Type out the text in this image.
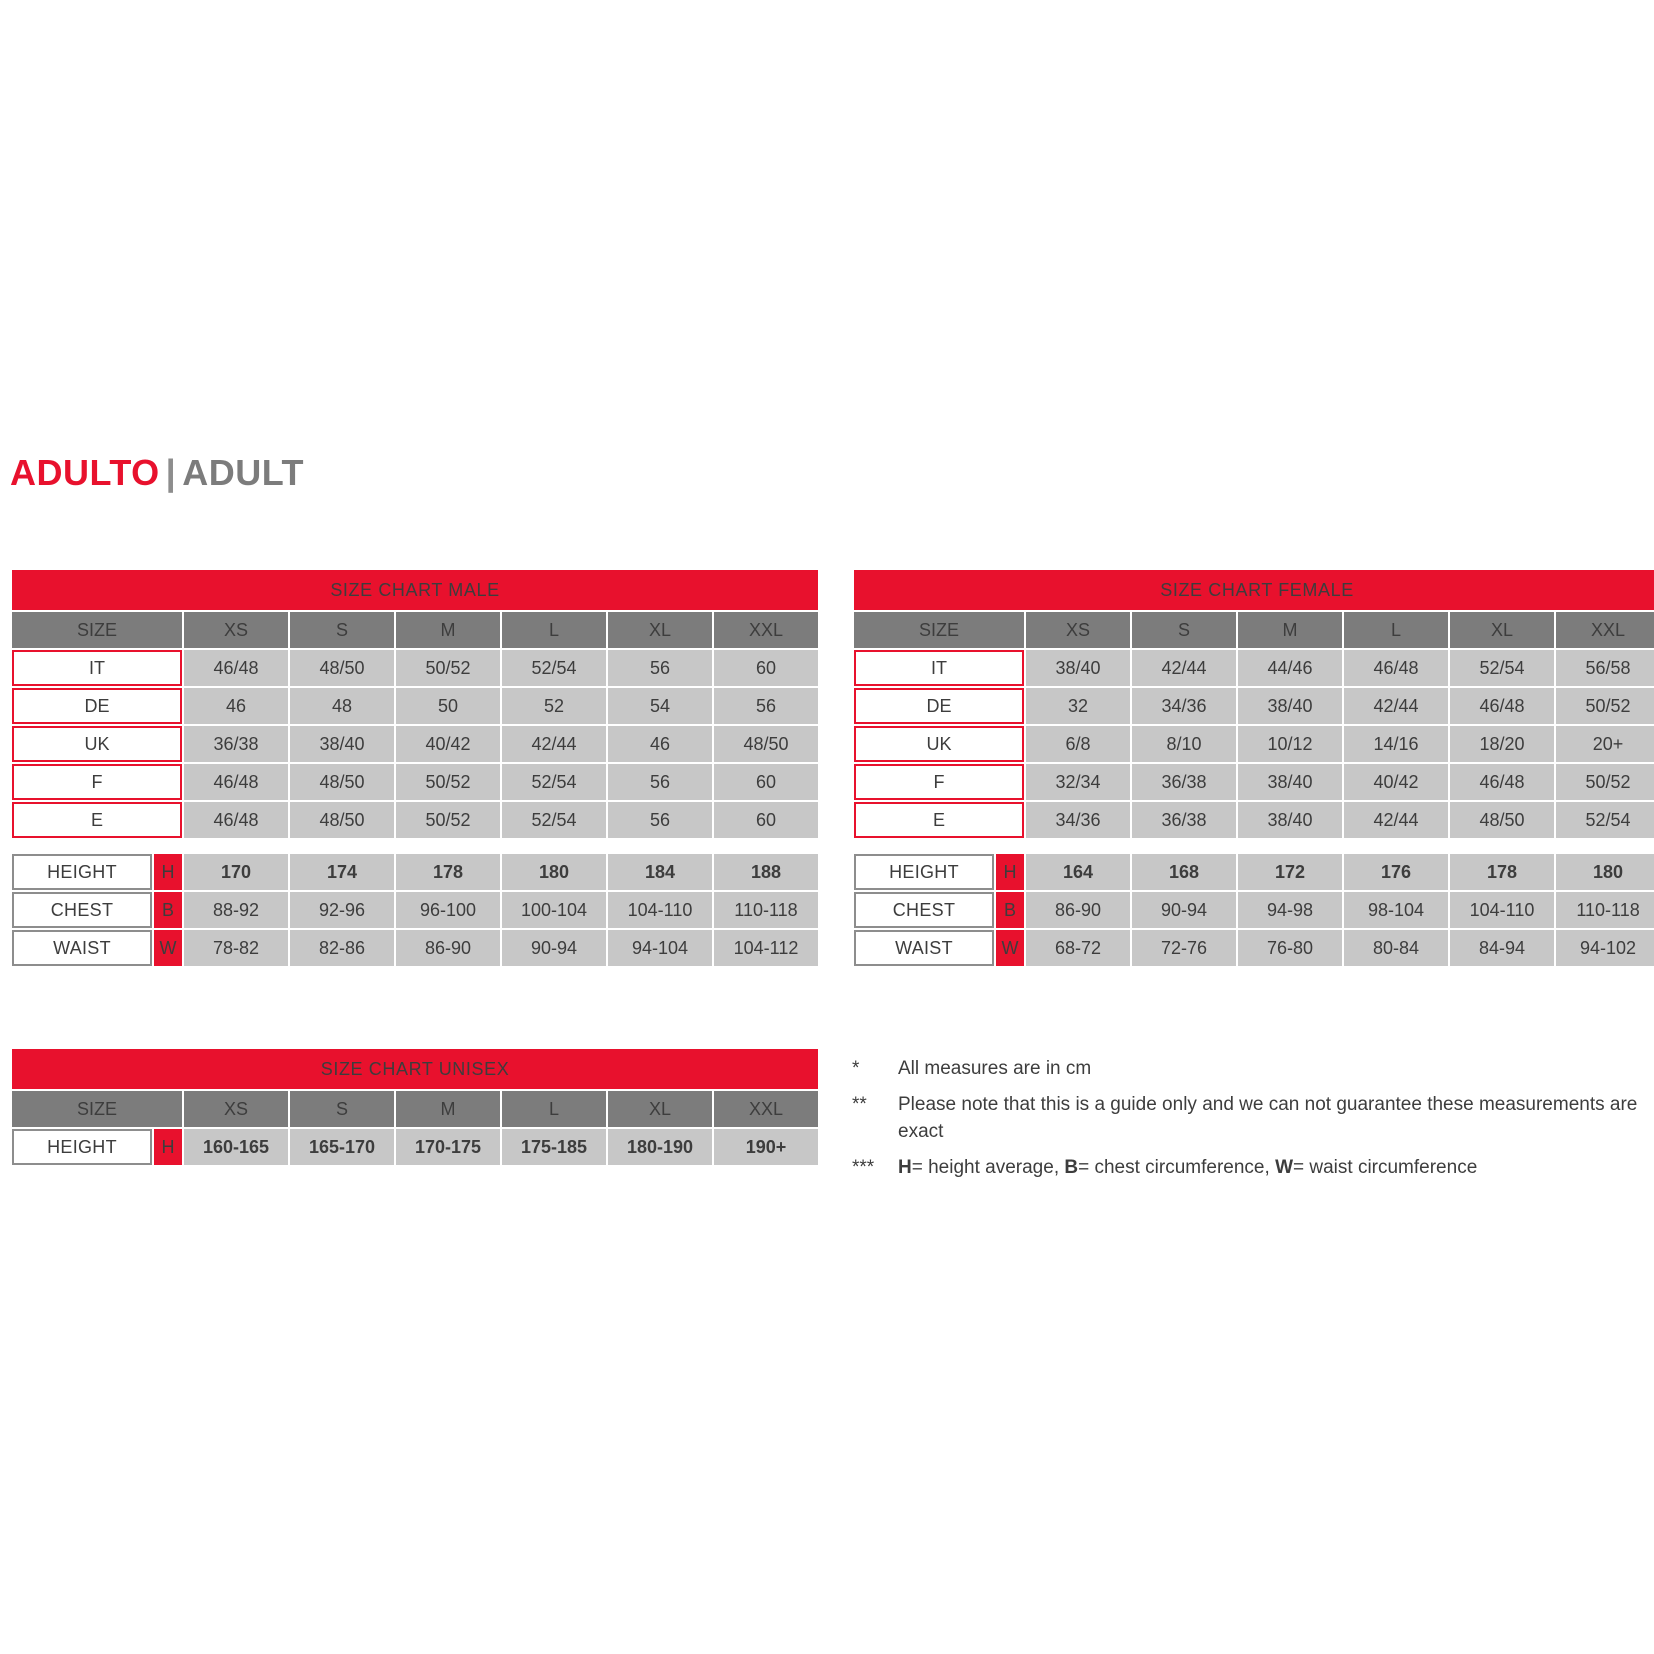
ADULTO | ADULT
SIZE CHART MALE							
SIZE		XS	S	M	L	XL	XXL
IT		46/48	48/50	50/52	52/54	56	60
DE		46	48	50	52	54	56
UK		36/38	38/40	40/42	42/44	46	48/50
F		46/48	48/50	50/52	52/54	56	60
E		46/48	48/50	50/52	52/54	56	60

HEIGHT	H	170	174	178	180	184	188
CHEST	B	88-92	92-96	96-100	100-104	104-110	110-118
WAIST	W	78-82	82-86	86-90	90-94	94-104	104-112
SIZE CHART FEMALE							
SIZE		XS	S	M	L	XL	XXL
IT		38/40	42/44	44/46	46/48	52/54	56/58
DE		32	34/36	38/40	42/44	46/48	50/52
UK		6/8	8/10	10/12	14/16	18/20	20+
F		32/34	36/38	38/40	40/42	46/48	50/52
E		34/36	36/38	38/40	42/44	48/50	52/54

HEIGHT	H	164	168	172	176	178	180
CHEST	B	86-90	90-94	94-98	98-104	104-110	110-118
WAIST	W	68-72	72-76	76-80	80-84	84-94	94-102
SIZE CHART UNISEX							
SIZE		XS	S	M	L	XL	XXL
HEIGHT	H	160-165	165-170	170-175	175-185	180-190	190+
*	All measures are in cm
**	Please note that this is a guide only and we can not guarantee these measurements are exact
***	H= height average, B= chest circumference, W= waist circumference
